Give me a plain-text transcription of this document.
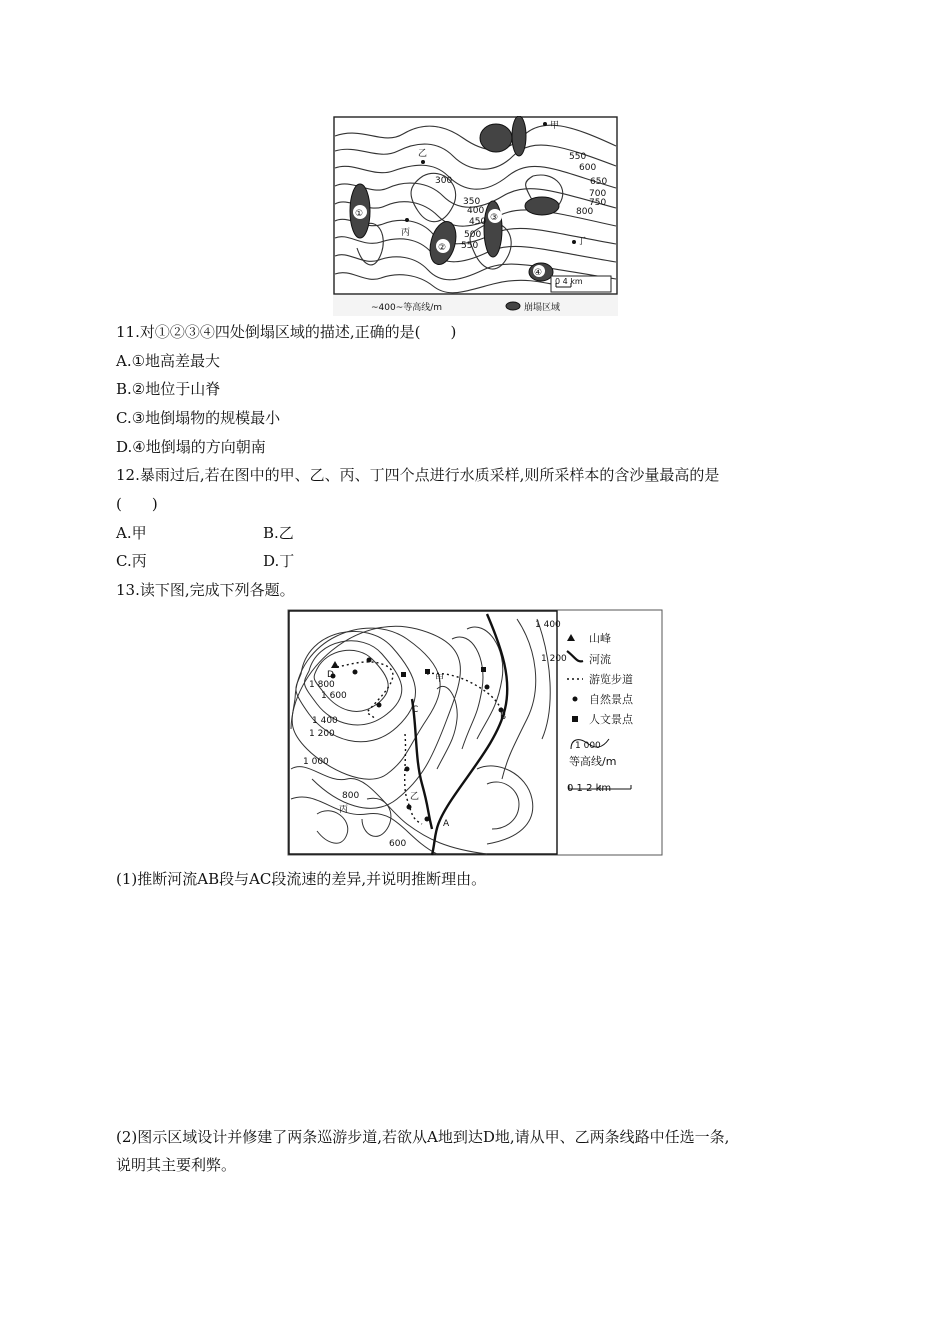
①
②
③
④
550
600
650
700
750
800
300
350
400
450
500
550
甲
乙
丙
丁
0 4 km
~400~等高线/m	崩塌区域
11.对①②③④四处倒塌区域的描述,正确的是(　　)
A.①地高差最大
B.②地位于山脊
C.③地倒塌物的规模最小
D.④地倒塌的方向朝南
12.暴雨过后,若在图中的甲、乙、丙、丁四个点进行水质采样,则所采样本的含沙量最高的是
(　　)
A.甲	B.乙
C.丙	D.丁
13.读下图,完成下列各题。
1 800
1 600
1 400
1 200
1 000
800
600
1 400
1 200
甲
乙
丙
A
B
C
D
山峰
河流
游览步道
自然景点
人文景点
1 000
等高线/m
0 1 2 km
(1)推断河流AB段与AC段流速的差异,并说明推断理由。
(2)图示区域设计并修建了两条巡游步道,若欲从A地到达D地,请从甲、乙两条线路中任选一条,
说明其主要利弊。
